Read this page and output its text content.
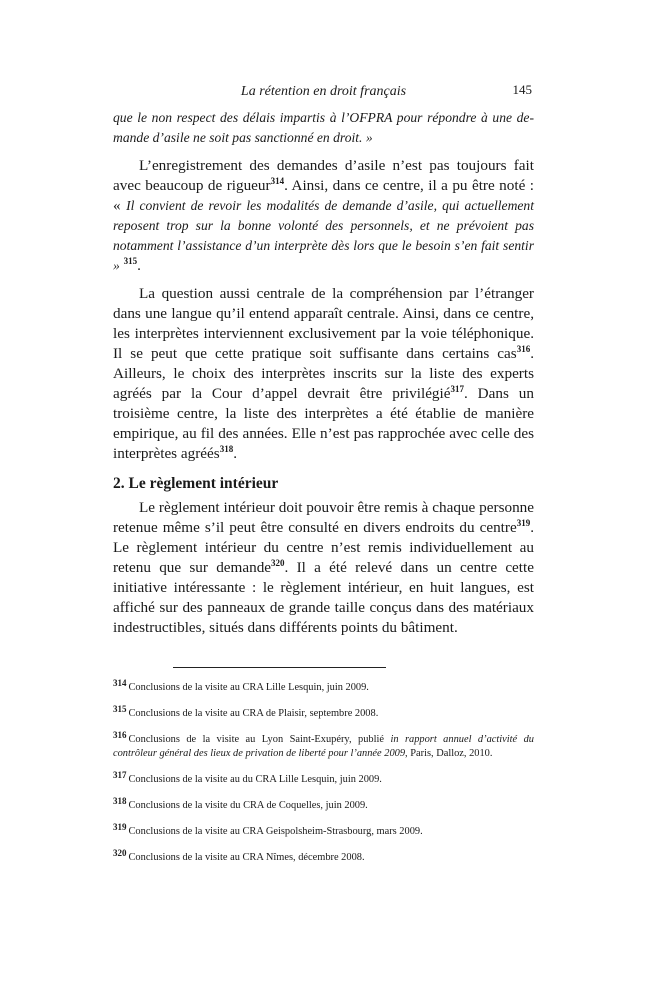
La rétention en droit français	145

que le non respect des délais impartis à l’OFPRA pour répondre à une demande d’asile ne soit pas sanctionné en droit. »

L’enregistrement des demandes d’asile n’est pas toujours fait avec beaucoup de rigueur$^{314}$. Ainsi, dans ce centre, il a pu être noté : « Il convient de revoir les modalités de demande d’asile, qui actuellement reposent trop sur la bonne volonté des personnels, et ne prévoient pas notamment l’assistance d’un interprète dès lors que le besoin s’en fait sentir » $^{315}$.

La question aussi centrale de la compréhension par l’étranger dans une langue qu’il entend apparaît centrale. Ainsi, dans ce centre, les interprètes interviennent exclusivement par la voie téléphonique. Il se peut que cette pratique soit suffisante dans certains cas$^{316}$. Ailleurs, le choix des interprètes inscrits sur la liste des experts agréés par la Cour d’appel devrait être privilégié$^{317}$. Dans un troisième centre, la liste des interprètes a été établie de manière empirique, au fil des années. Elle n’est pas rapprochée avec celle des interprètes agréés$^{318}$.

2. Le règlement intérieur

Le règlement intérieur doit pouvoir être remis à chaque personne retenue même s’il peut être consulté en divers endroits du centre$^{319}$. Le règlement intérieur du centre n’est remis individuellement au retenu que sur demande$^{320}$. Il a été relevé dans un centre cette initiative intéressante : le règlement intérieur, en huit langues, est affiché sur des panneaux de grande taille conçus dans des matériaux indestructibles, situés dans différents points du bâtiment.

314 Conclusions de la visite au CRA Lille Lesquin, juin 2009.

315 Conclusions de la visite au CRA de Plaisir, septembre 2008.

316 Conclusions de la visite au Lyon Saint-Exupéry, publié in rapport annuel d’activité du contrôleur général des lieux de privation de liberté pour l’année 2009, Paris, Dalloz, 2010.

317 Conclusions de la visite au du CRA Lille Lesquin, juin 2009.

318 Conclusions de la visite du CRA de Coquelles, juin 2009.

319 Conclusions de la visite au CRA Geispolsheim-Strasbourg, mars 2009.

320 Conclusions de la visite au CRA Nîmes, décembre 2008.
